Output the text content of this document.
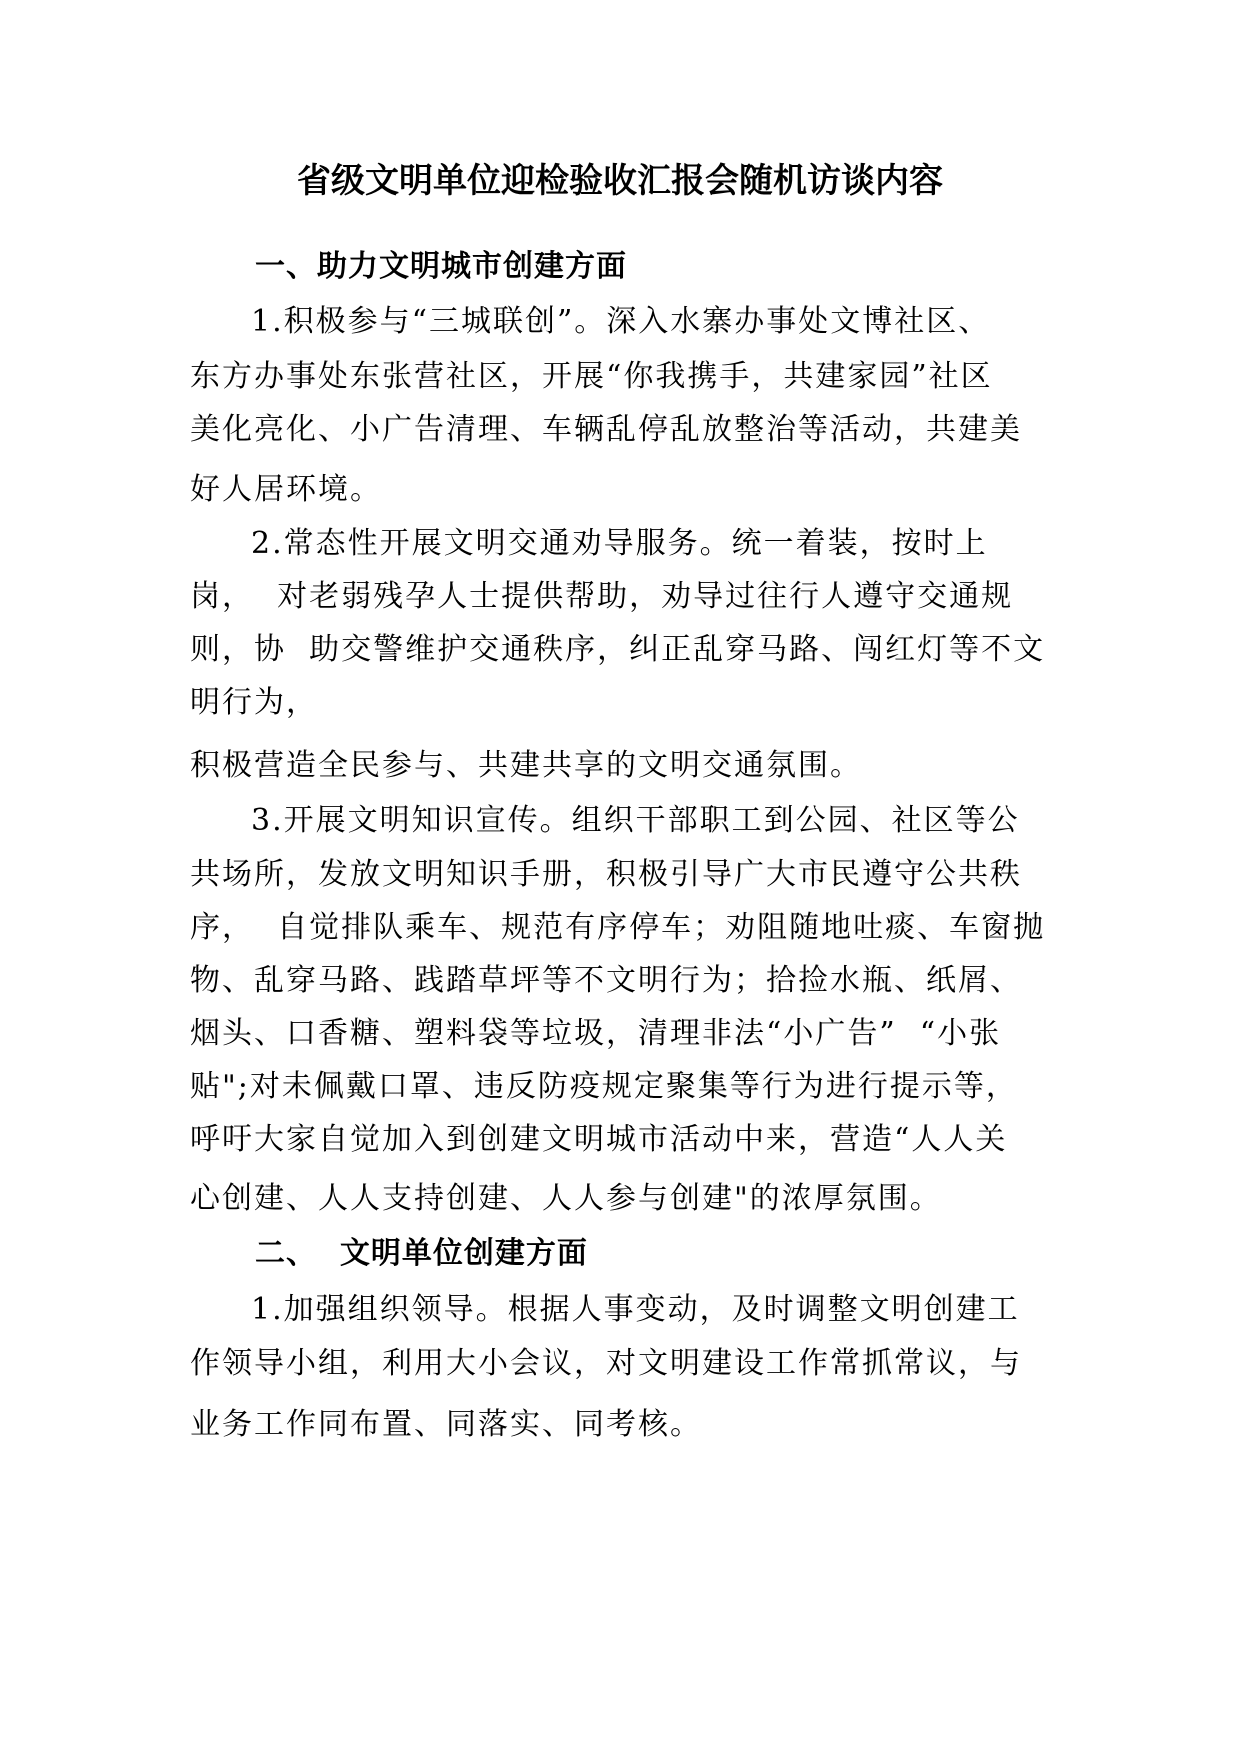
省级文明单位迎检验收汇报会随机访谈内容
一、助力文明城市创建方面

1.积极参与“三城联创”。深入水寨办事处文博社区、

东方办事处东张营社区，开展“你我携手，共建家园”社区

美化亮化、小广告清理、车辆乱停乱放整治等活动，共建美

好人居环境。

2.常态性开展文明交通劝导服务。统一着装，按时上

岗，  对老弱残孕人士提供帮助，劝导过往行人遵守交通规

则，协  助交警维护交通秩序，纠正乱穿马路、闯红灯等不文

明行为，

积极营造全民参与、共建共享的文明交通氛围。

3.开展文明知识宣传。组织干部职工到公园、社区等公

共场所，发放文明知识手册，积极引导广大市民遵守公共秩

序，  自觉排队乘车、规范有序停车；劝阻随地吐痰、车窗抛

物、乱穿马路、践踏草坪等不文明行为；拾捡水瓶、纸屑、

烟头、口香糖、塑料袋等垃圾，清理非法“小广告”  “小张

贴";对未佩戴口罩、违反防疫规定聚集等行为进行提示等，

呼吁大家自觉加入到创建文明城市活动中来，营造“人人关

心创建、人人支持创建、人人参与创建"的浓厚氛围。

二、  文明单位创建方面

1.加强组织领导。根据人事变动，及时调整文明创建工

作领导小组，利用大小会议，对文明建设工作常抓常议，与

业务工作同布置、同落实、同考核。
